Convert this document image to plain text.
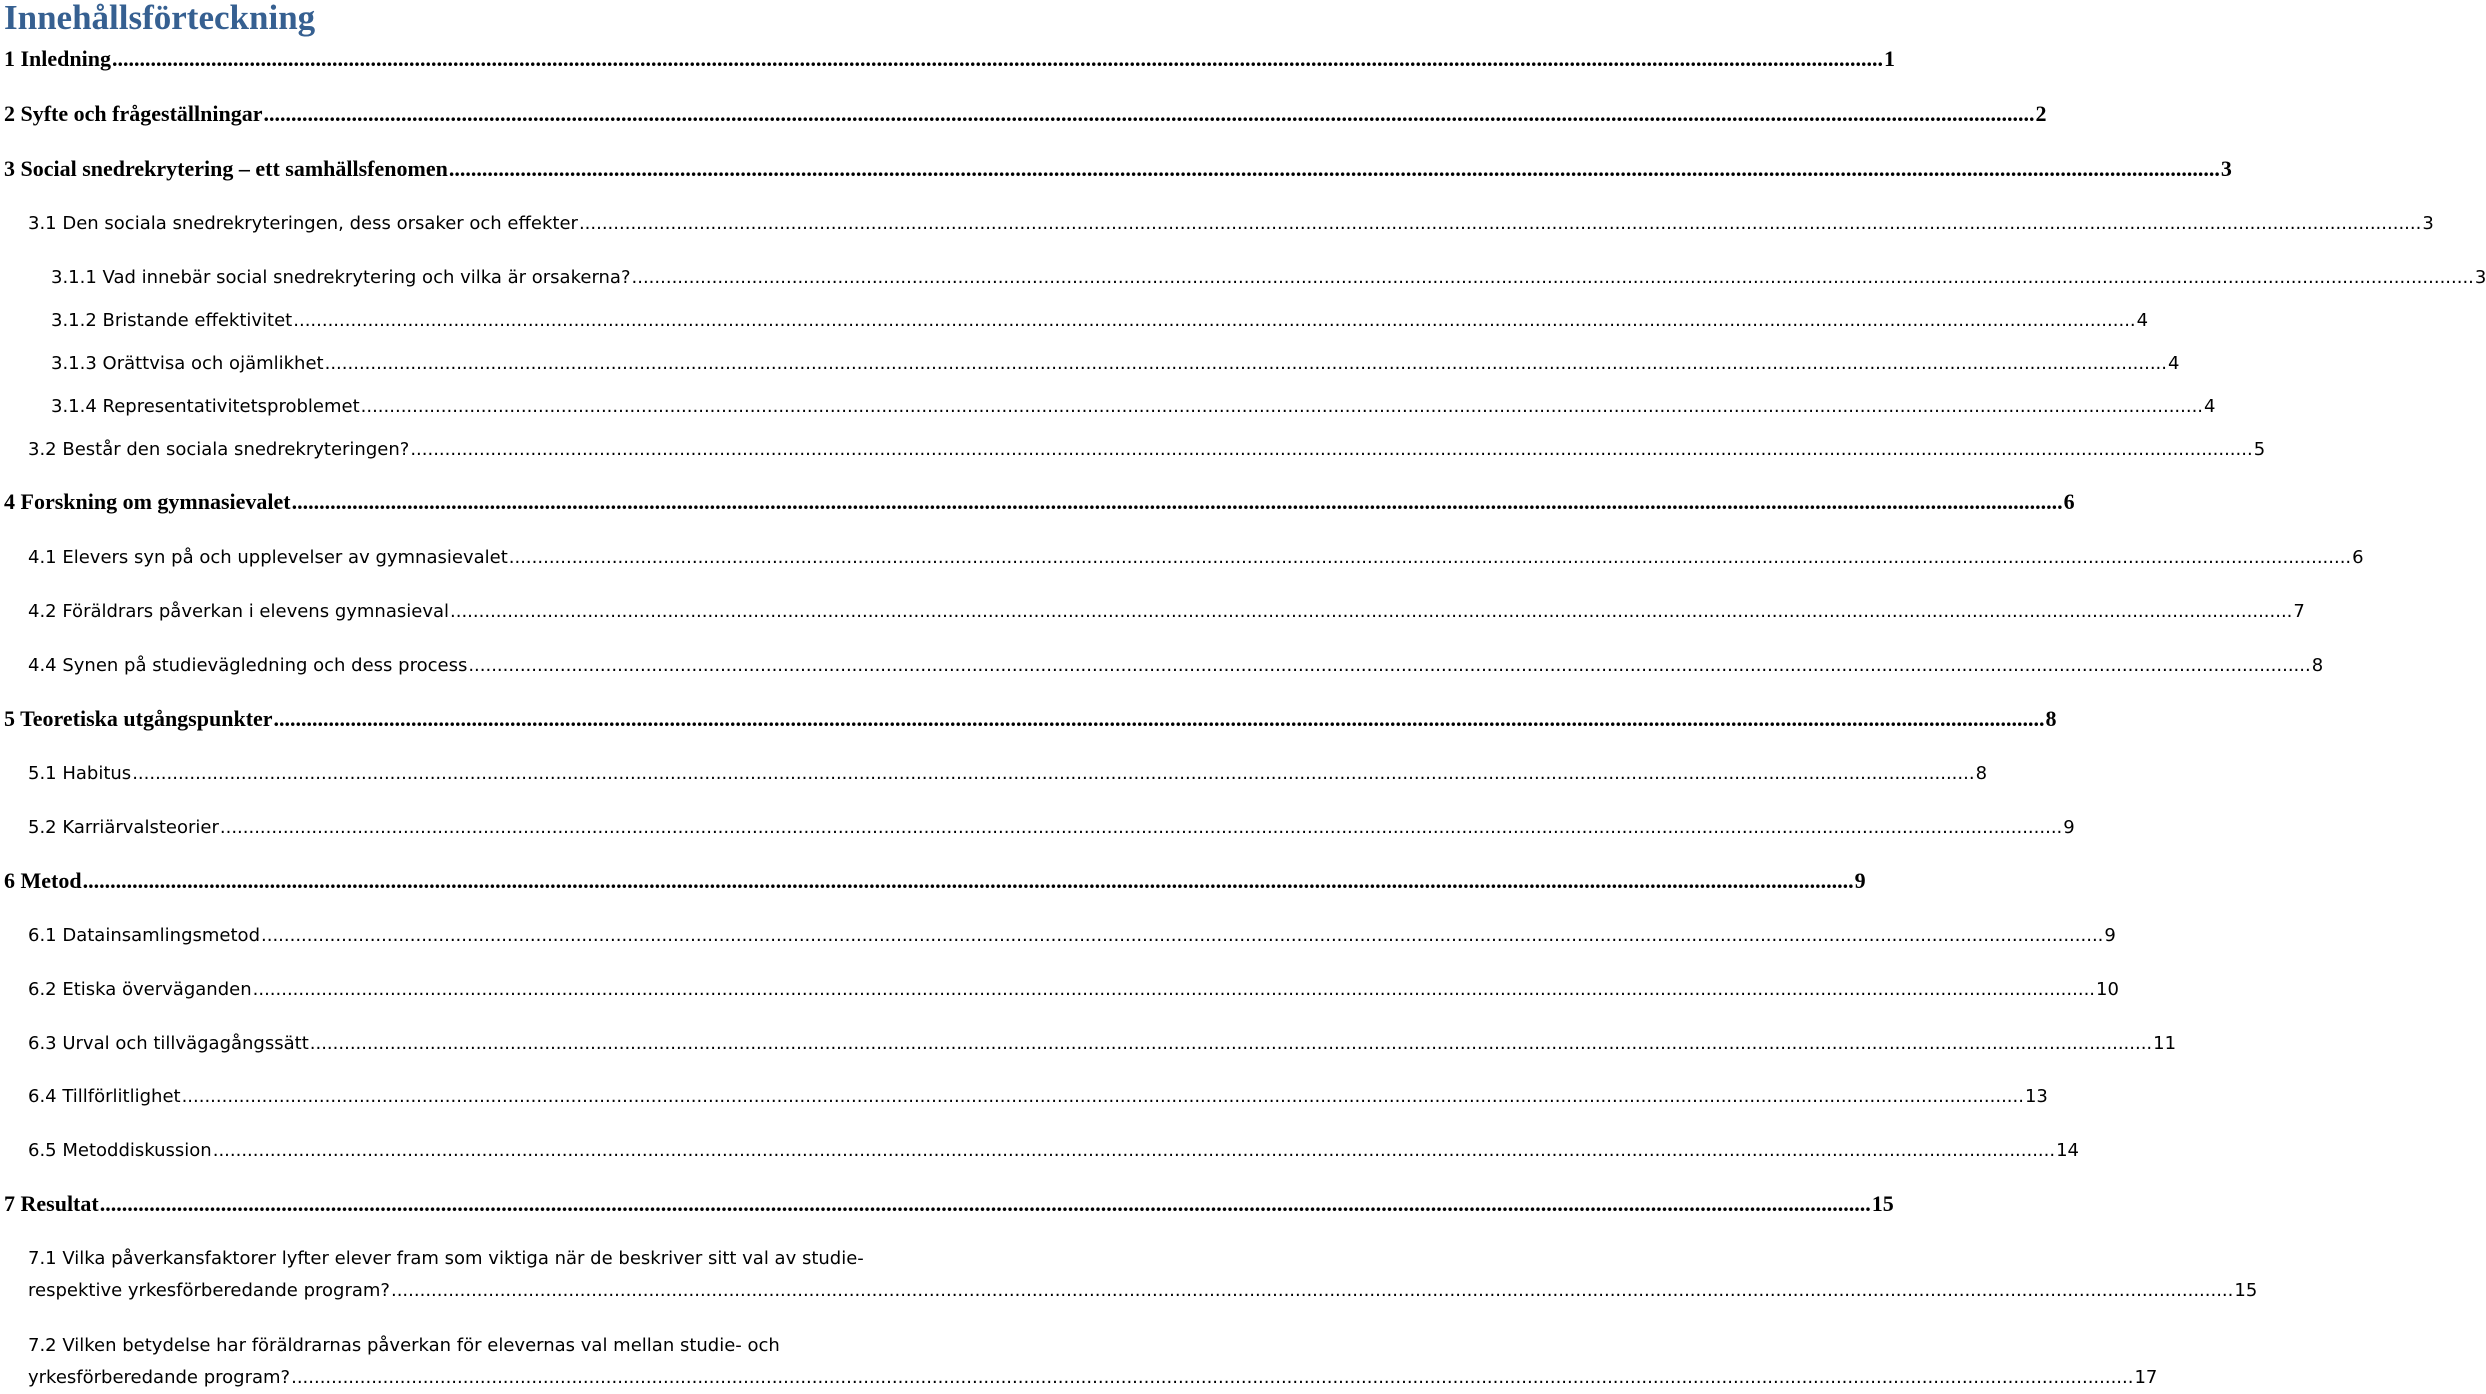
Innehållsförteckning
1 Inledning .....	1
2 Syfte och frågeställningar .....	2
3 Social snedrekrytering – ett samhällsfenomen .....	3
3.1 Den sociala snedrekryteringen, dess orsaker och effekter .....	3
3.1.1 Vad innebär social snedrekrytering och vilka är orsakerna? .....	3
3.1.2 Bristande effektivitet .....	4
3.1.3 Orättvisa och ojämlikhet .....	4
3.1.4 Representativitetsproblemet .....	4
3.2 Består den sociala snedrekryteringen? .....	5
4 Forskning om gymnasievalet .....	6
4.1 Elevers syn på och upplevelser av gymnasievalet .....	6
4.2 Föräldrars påverkan i elevens gymnasieval .....	7
4.4 Synen på studievägledning och dess process .....	8
5 Teoretiska utgångspunkter .....	8
5.1 Habitus .....	8
5.2 Karriärvalsteorier .....	9
6 Metod .....	9
6.1 Datainsamlingsmetod .....	9
6.2 Etiska överväganden .....	10
6.3 Urval och tillvägagångssätt .....	11
6.4 Tillförlitlighet .....	13
6.5 Metoddiskussion .....	14
7 Resultat .....	15
7.1 Vilka påverkansfaktorer lyfter elever fram som viktiga när de beskriver sitt val av studie-
respektive yrkesförberedande program? .....	15
7.2 Vilken betydelse har föräldrarnas påverkan för elevernas val mellan studie- och
yrkesförberedande program? .....	17
